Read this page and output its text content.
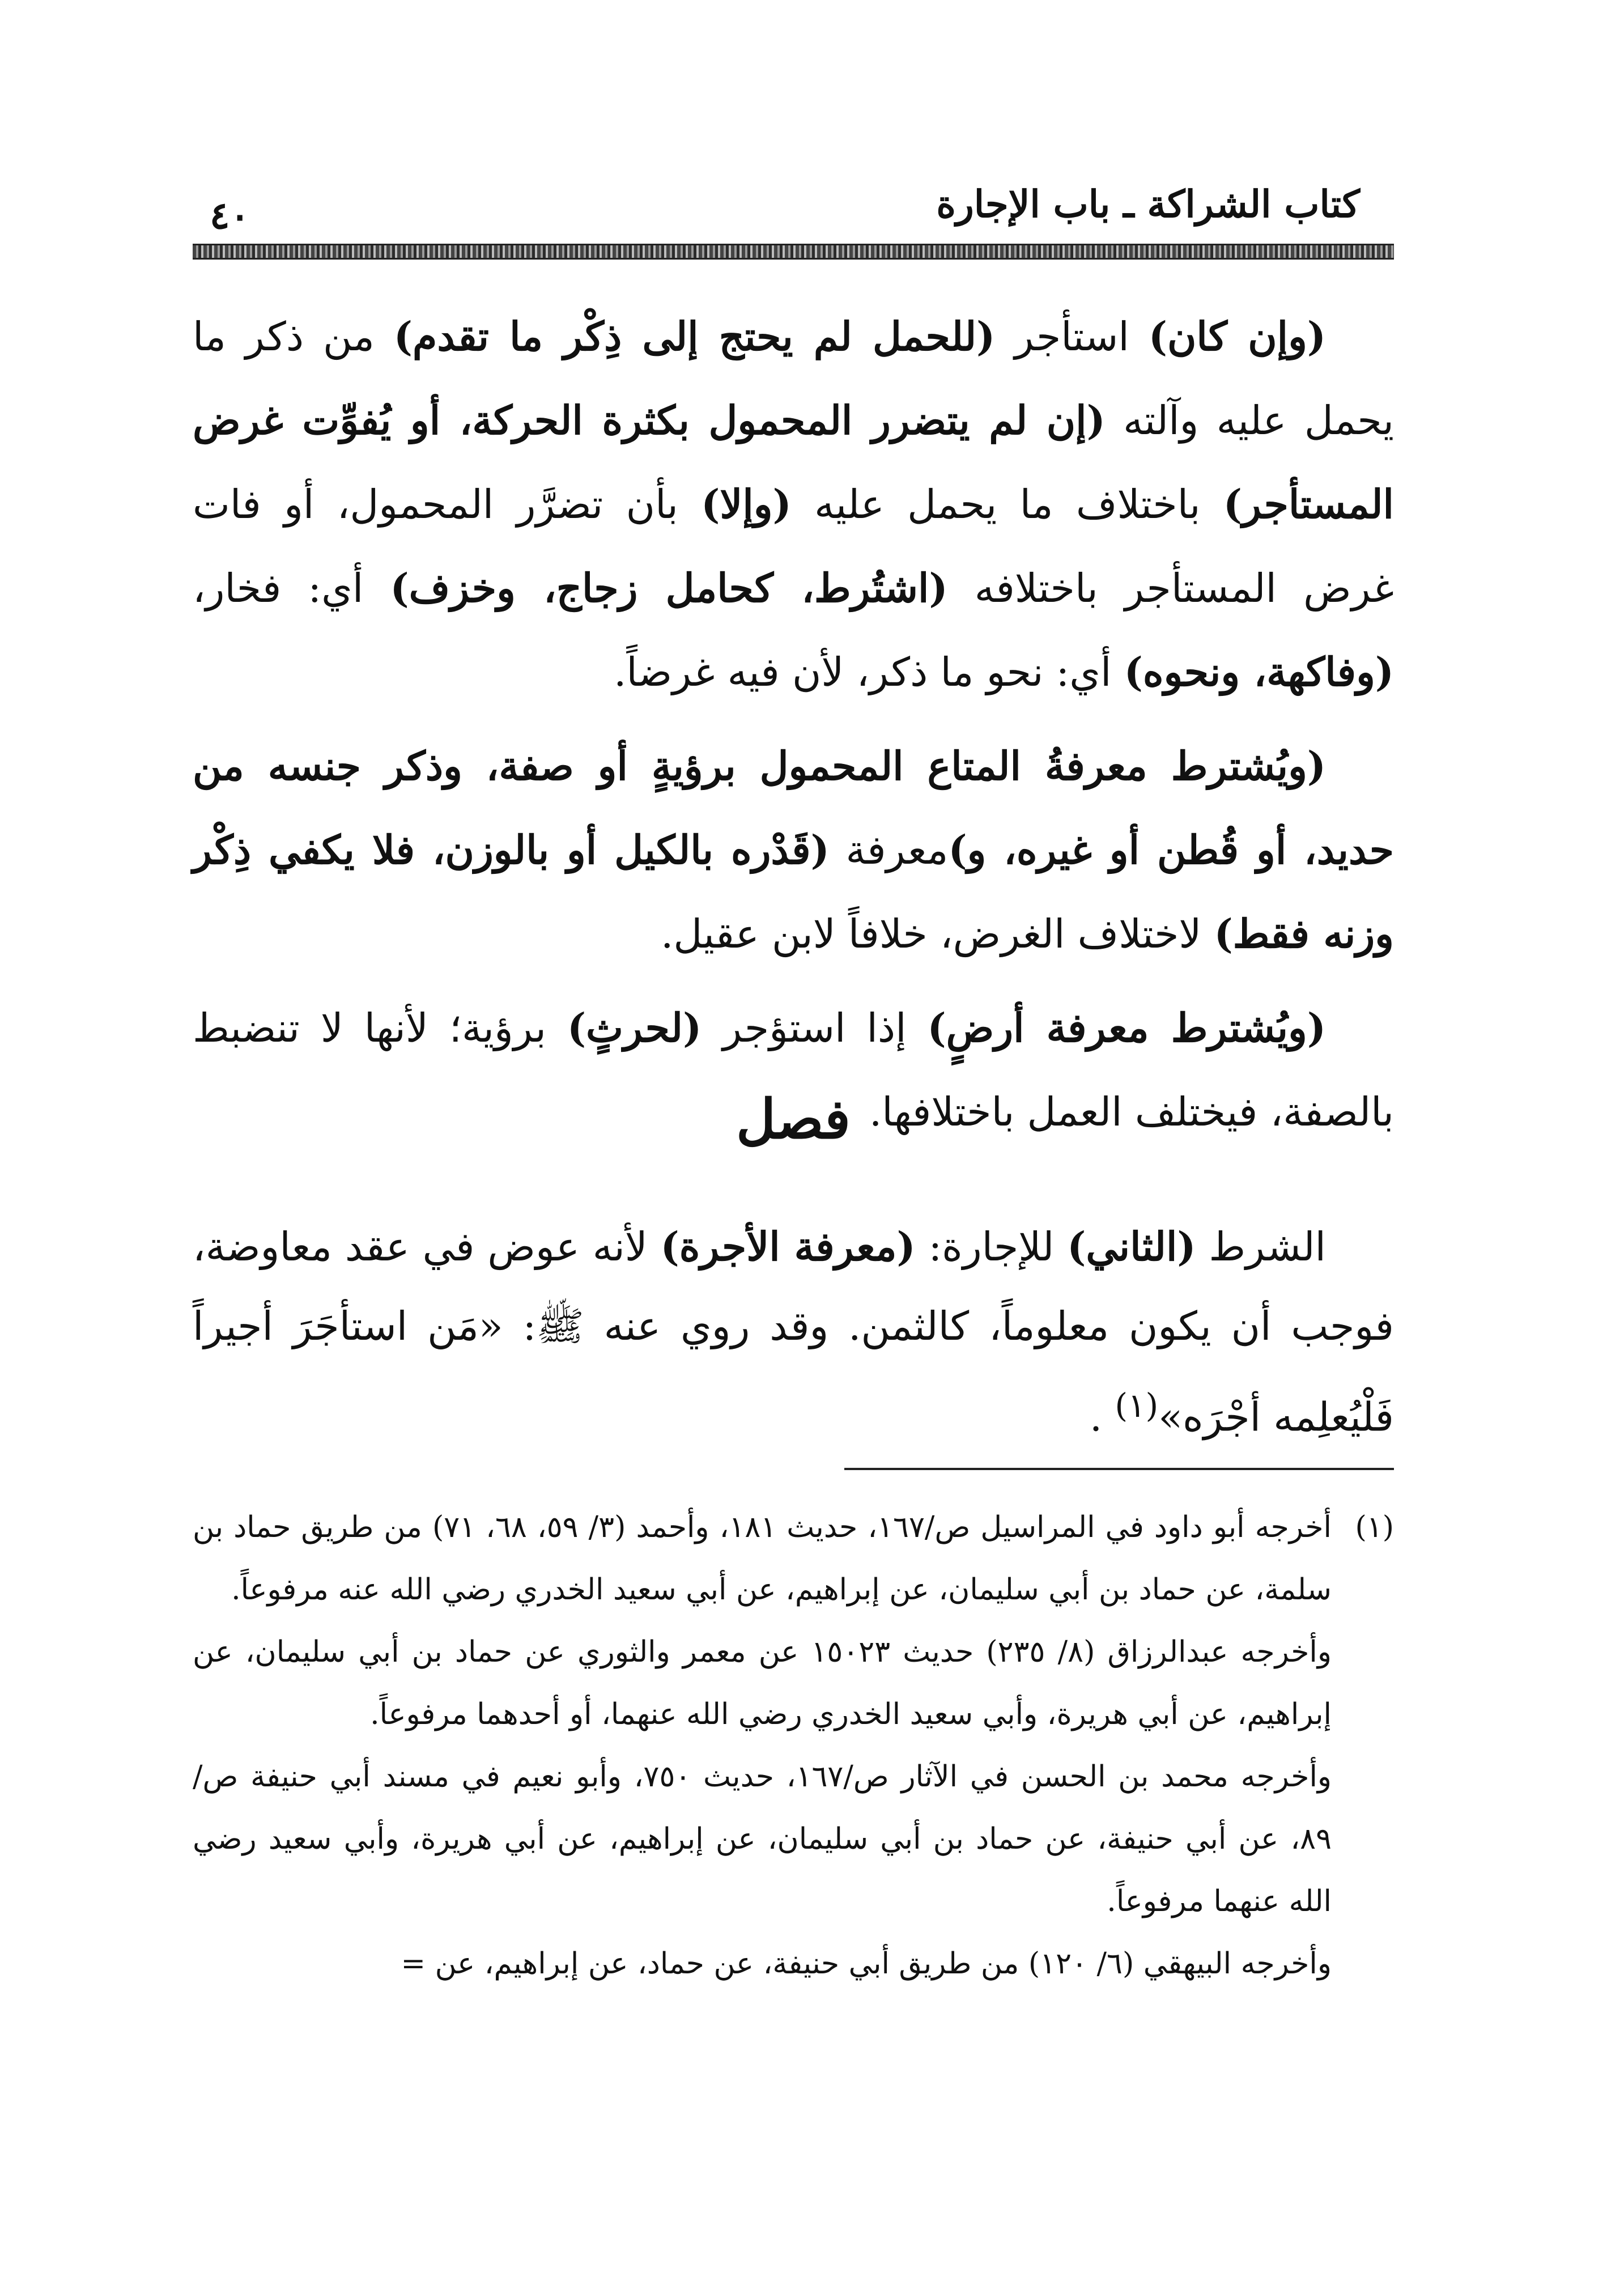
كتاب الشراكة ـ باب الإجارة
٤٠

(وإن كان) استأجر (للحمل لم يحتج إلى ذِكْر ما تقدم) من ذكر ما يحمل عليه وآلته (إن لم يتضرر المحمول بكثرة الحركة، أو يُفوِّت غرض المستأجر) باختلاف ما يحمل عليه (وإلا) بأن تضرَّر المحمول، أو فات غرض المستأجر باختلافه (اشتُرط، كحامل زجاج، وخزف) أي: فخار، (وفاكهة، ونحوه) أي: نحو ما ذكر، لأن فيه غرضاً.

(ويُشترط معرفةُ المتاع المحمول برؤيةٍ أو صفة، وذكر جنسه من حديد، أو قُطن أو غيره، و)معرفة (قَدْره بالكيل أو بالوزن، فلا يكفي ذِكْر وزنه فقط) لاختلاف الغرض، خلافاً لابن عقيل.

(ويُشترط معرفة أرضٍ) إذا استؤجر (لحرثٍ) برؤية؛ لأنها لا تنضبط بالصفة، فيختلف العمل باختلافها.

فصل

الشرط (الثاني) للإجارة: (معرفة الأجرة) لأنه عوض في عقد معاوضة، فوجب أن يكون معلوماً، كالثمن. وقد روي عنه ﷺ: «مَن استأجَرَ أجيراً فَلْيُعلِمه أجْرَه»$^{(١)}$ .

(١)
أخرجه أبو داود في المراسيل ص/١٦٧، حديث ١٨١، وأحمد (٣/ ٥٩، ٦٨، ٧١) من طريق حماد بن سلمة، عن حماد بن أبي سليمان، عن إبراهيم، عن أبي سعيد الخدري رضي الله عنه مرفوعاً.

وأخرجه عبدالرزاق (٨/ ٢٣٥) حديث ١٥٠٢٣ عن معمر والثوري عن حماد بن أبي سليمان، عن إبراهيم، عن أبي هريرة، وأبي سعيد الخدري رضي الله عنهما، أو أحدهما مرفوعاً.

وأخرجه محمد بن الحسن في الآثار ص/١٦٧، حديث ٧٥٠، وأبو نعيم في مسند أبي حنيفة ص/ ٨٩، عن أبي حنيفة، عن حماد بن أبي سليمان، عن إبراهيم، عن أبي هريرة، وأبي سعيد رضي الله عنهما مرفوعاً.

وأخرجه البيهقي (٦/ ١٢٠) من طريق أبي حنيفة، عن حماد، عن إبراهيم، عن =
